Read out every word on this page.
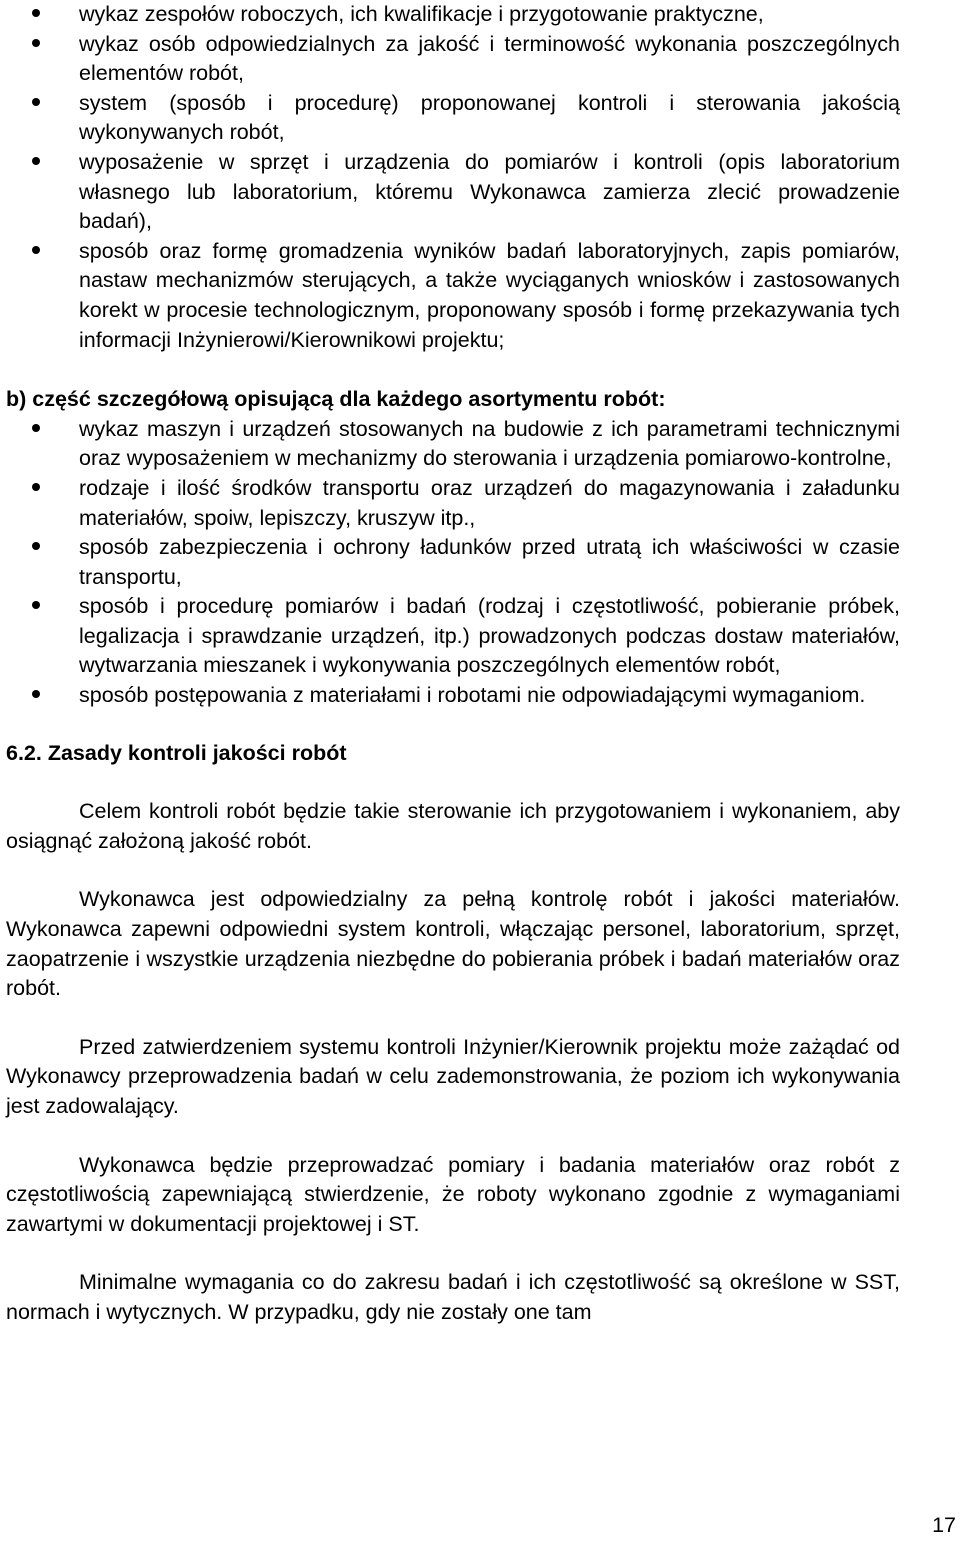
wykaz zespołów roboczych, ich kwalifikacje i przygotowanie praktyczne,
wykaz osób odpowiedzialnych za jakość i terminowość wykonania poszczególnych elementów robót,
system (sposób i procedurę) proponowanej kontroli i sterowania jakością wykonywanych robót,
wyposażenie w sprzęt i urządzenia do pomiarów i kontroli (opis laboratorium własnego lub laboratorium, któremu Wykonawca zamierza zlecić prowadzenie badań),
sposób oraz formę gromadzenia wyników badań laboratoryjnych, zapis pomiarów, nastaw mechanizmów sterujących, a także wyciąganych wniosków i zastosowanych korekt w procesie technologicznym, proponowany sposób i formę przekazywania tych informacji Inżynierowi/Kierownikowi projektu;

b) część szczegółową opisującą dla każdego asortymentu robót:

wykaz maszyn i urządzeń stosowanych na budowie z ich parametrami technicznymi oraz wyposażeniem w mechanizmy do sterowania i urządzenia pomiarowo-kontrolne,
rodzaje i ilość środków transportu oraz urządzeń do magazynowania i załadunku materiałów, spoiw, lepiszczy, kruszyw itp.,
sposób zabezpieczenia i ochrony ładunków przed utratą ich właściwości w czasie transportu,
sposób i procedurę pomiarów i badań (rodzaj i częstotliwość, pobieranie próbek, legalizacja i sprawdzanie urządzeń, itp.) prowadzonych podczas dostaw materiałów, wytwarzania mieszanek i wykonywania poszczególnych elementów robót,
sposób postępowania z materiałami i robotami nie odpowiadającymi wymaganiom.

6.2. Zasady kontroli jakości robót

Celem kontroli robót będzie takie sterowanie ich przygotowaniem i wykonaniem, aby osiągnąć założoną jakość robót.

Wykonawca jest odpowiedzialny za pełną kontrolę robót i jakości materiałów. Wykonawca zapewni odpowiedni system kontroli, włączając personel, laboratorium, sprzęt, zaopatrzenie i wszystkie urządzenia niezbędne do pobierania próbek i badań materiałów oraz robót.

Przed zatwierdzeniem systemu kontroli Inżynier/Kierownik projektu może zażądać od Wykonawcy przeprowadzenia badań w celu zademonstrowania, że poziom ich wykonywania jest zadowalający.

Wykonawca będzie przeprowadzać pomiary i badania materiałów oraz robót z częstotliwością zapewniającą stwierdzenie, że roboty wykonano zgodnie z wymaganiami zawartymi w dokumentacji projektowej i ST.

Minimalne wymagania co do zakresu badań i ich częstotliwość są określone w SST, normach i wytycznych. W przypadku, gdy nie zostały one tam

17
